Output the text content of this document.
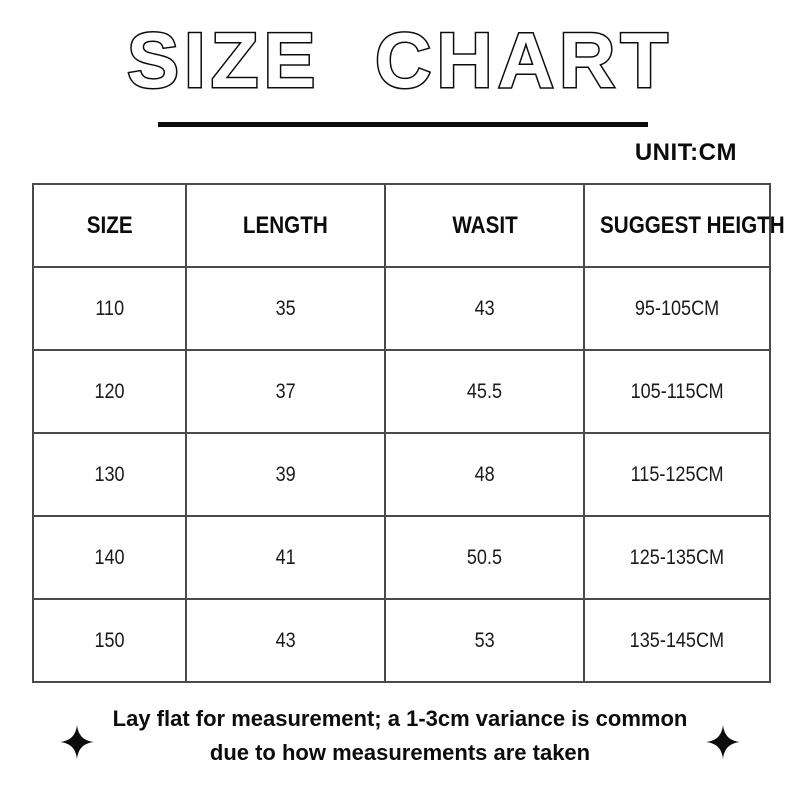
SIZE CHART
UNIT:CM
SIZE	LENGTH	WASIT	SUGGEST HEIGTH
110	35	43	95-105CM
120	37	45.5	105-115CM
130	39	48	115-125CM
140	41	50.5	125-135CM
150	43	53	135-145CM
Lay flat for measurement; a 1-3cm variance is common
due to how measurements are taken
